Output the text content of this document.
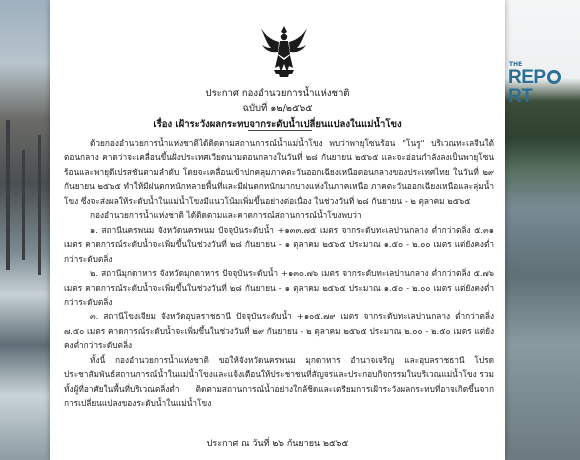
THE
REPRT
ประกาศ กองอำนวยการน้ำแห่งชาติ
ฉบับที่ ๑๒/๒๕๖๕
เรื่อง เฝ้าระวังผลกระทบจากระดับน้ำเปลี่ยนแปลงในแม่น้ำโขง

ด้วยกองอำนวยการน้ำแห่งชาติได้ติดตามสถานการณ์น้ำแม่น้ำโขง พบว่าพายุโซนร้อน "โนรู" บริเวณทะเลจีนใต้ตอนกลาง คาดว่าจะเคลื่อนขึ้นฝั่งประเทศเวียดนามตอนกลางในวันที่ ๒๘ กันยายน ๒๕๖๕ และจะอ่อนกำลังลงเป็นพายุโซนร้อนและพายุดีเปรสชันตามลำดับ โดยจะเคลื่อนเข้าปกคลุมภาคตะวันออกเฉียงเหนือตอนกลางของประเทศไทย ในวันที่ ๒๙ กันยายน ๒๕๖๕ ทำให้มีฝนตกหนักหลายพื้นที่และมีฝนตกหนักมากบางแห่งในภาคเหนือ ภาคตะวันออกเฉียงเหนือและลุ่มน้ำโขง ซึ่งจะส่งผลให้ระดับน้ำในแม่น้ำโขงมีแนวโน้มเพิ่มขึ้นอย่างต่อเนื่อง ในช่วงวันที่ ๒๘ กันยายน - ๒ ตุลาคม ๒๕๖๕

กองอำนวยการน้ำแห่งชาติ ได้ติดตามและคาดการณ์สถานการณ์น้ำโขงพบว่า

๑. สถานีนครพนม จังหวัดนครพนม ปัจจุบันระดับน้ำ +๑๓๓.๗๕ เมตร จากระดับทะเลปานกลาง ต่ำกว่าตลิ่ง ๕.๓๑ เมตร คาดการณ์ระดับน้ำจะเพิ่มขึ้นในช่วงวันที่ ๒๘ กันยายน - ๑ ตุลาคม ๒๕๖๕ ประมาณ ๑.๕๐ - ๒.๐๐ เมตร แต่ยังคงต่ำกว่าระดับตลิ่ง

๒. สถานีมุกดาหาร จังหวัดมุกดาหาร ปัจจุบันระดับน้ำ +๑๓๐.๗๖ เมตร จากระดับทะเลปานกลาง ต่ำกว่าตลิ่ง ๕.๗๖ เมตร คาดการณ์ระดับน้ำจะเพิ่มขึ้นในช่วงวันที่ ๒๘ กันยายน - ๑ ตุลาคม ๒๕๖๕ ประมาณ ๑.๕๐ - ๒.๐๐ เมตร แต่ยังคงต่ำกว่าระดับตลิ่ง

๓. สถานีโขงเจียม จังหวัดอุบลราชธานี ปัจจุบันระดับน้ำ +๑๐๕.๗๙ เมตร จากระดับทะเลปานกลาง ต่ำกว่าตลิ่ง ๗.๕๐ เมตร คาดการณ์ระดับน้ำจะเพิ่มขึ้นในช่วงวันที่ ๒๙ กันยายน - ๒ ตุลาคม ๒๕๖๕ ประมาณ ๒.๐๐ - ๒.๕๐ เมตร แต่ยังคงต่ำกว่าระดับตลิ่ง

ทั้งนี้ กองอำนวยการน้ำแห่งชาติ ขอให้จังหวัดนครพนม มุกดาหาร อำนาจเจริญ และอุบลราชธานี โปรดประชาสัมพันธ์สถานการณ์น้ำในแม่น้ำโขงและแจ้งเตือนให้ประชาชนที่สัญจรและประกอบกิจกรรมในบริเวณแม่น้ำโขง รวมทั้งผู้ที่อาศัยในพื้นที่บริเวณตลิ่งต่ำ ติดตามสถานการณ์น้ำอย่างใกล้ชิดและเตรียมการเฝ้าระวังผลกระทบที่อาจเกิดขึ้นจากการเปลี่ยนแปลงของระดับน้ำในแม่น้ำโขง

ประกาศ ณ วันที่ ๒๖ กันยายน ๒๕๖๕
